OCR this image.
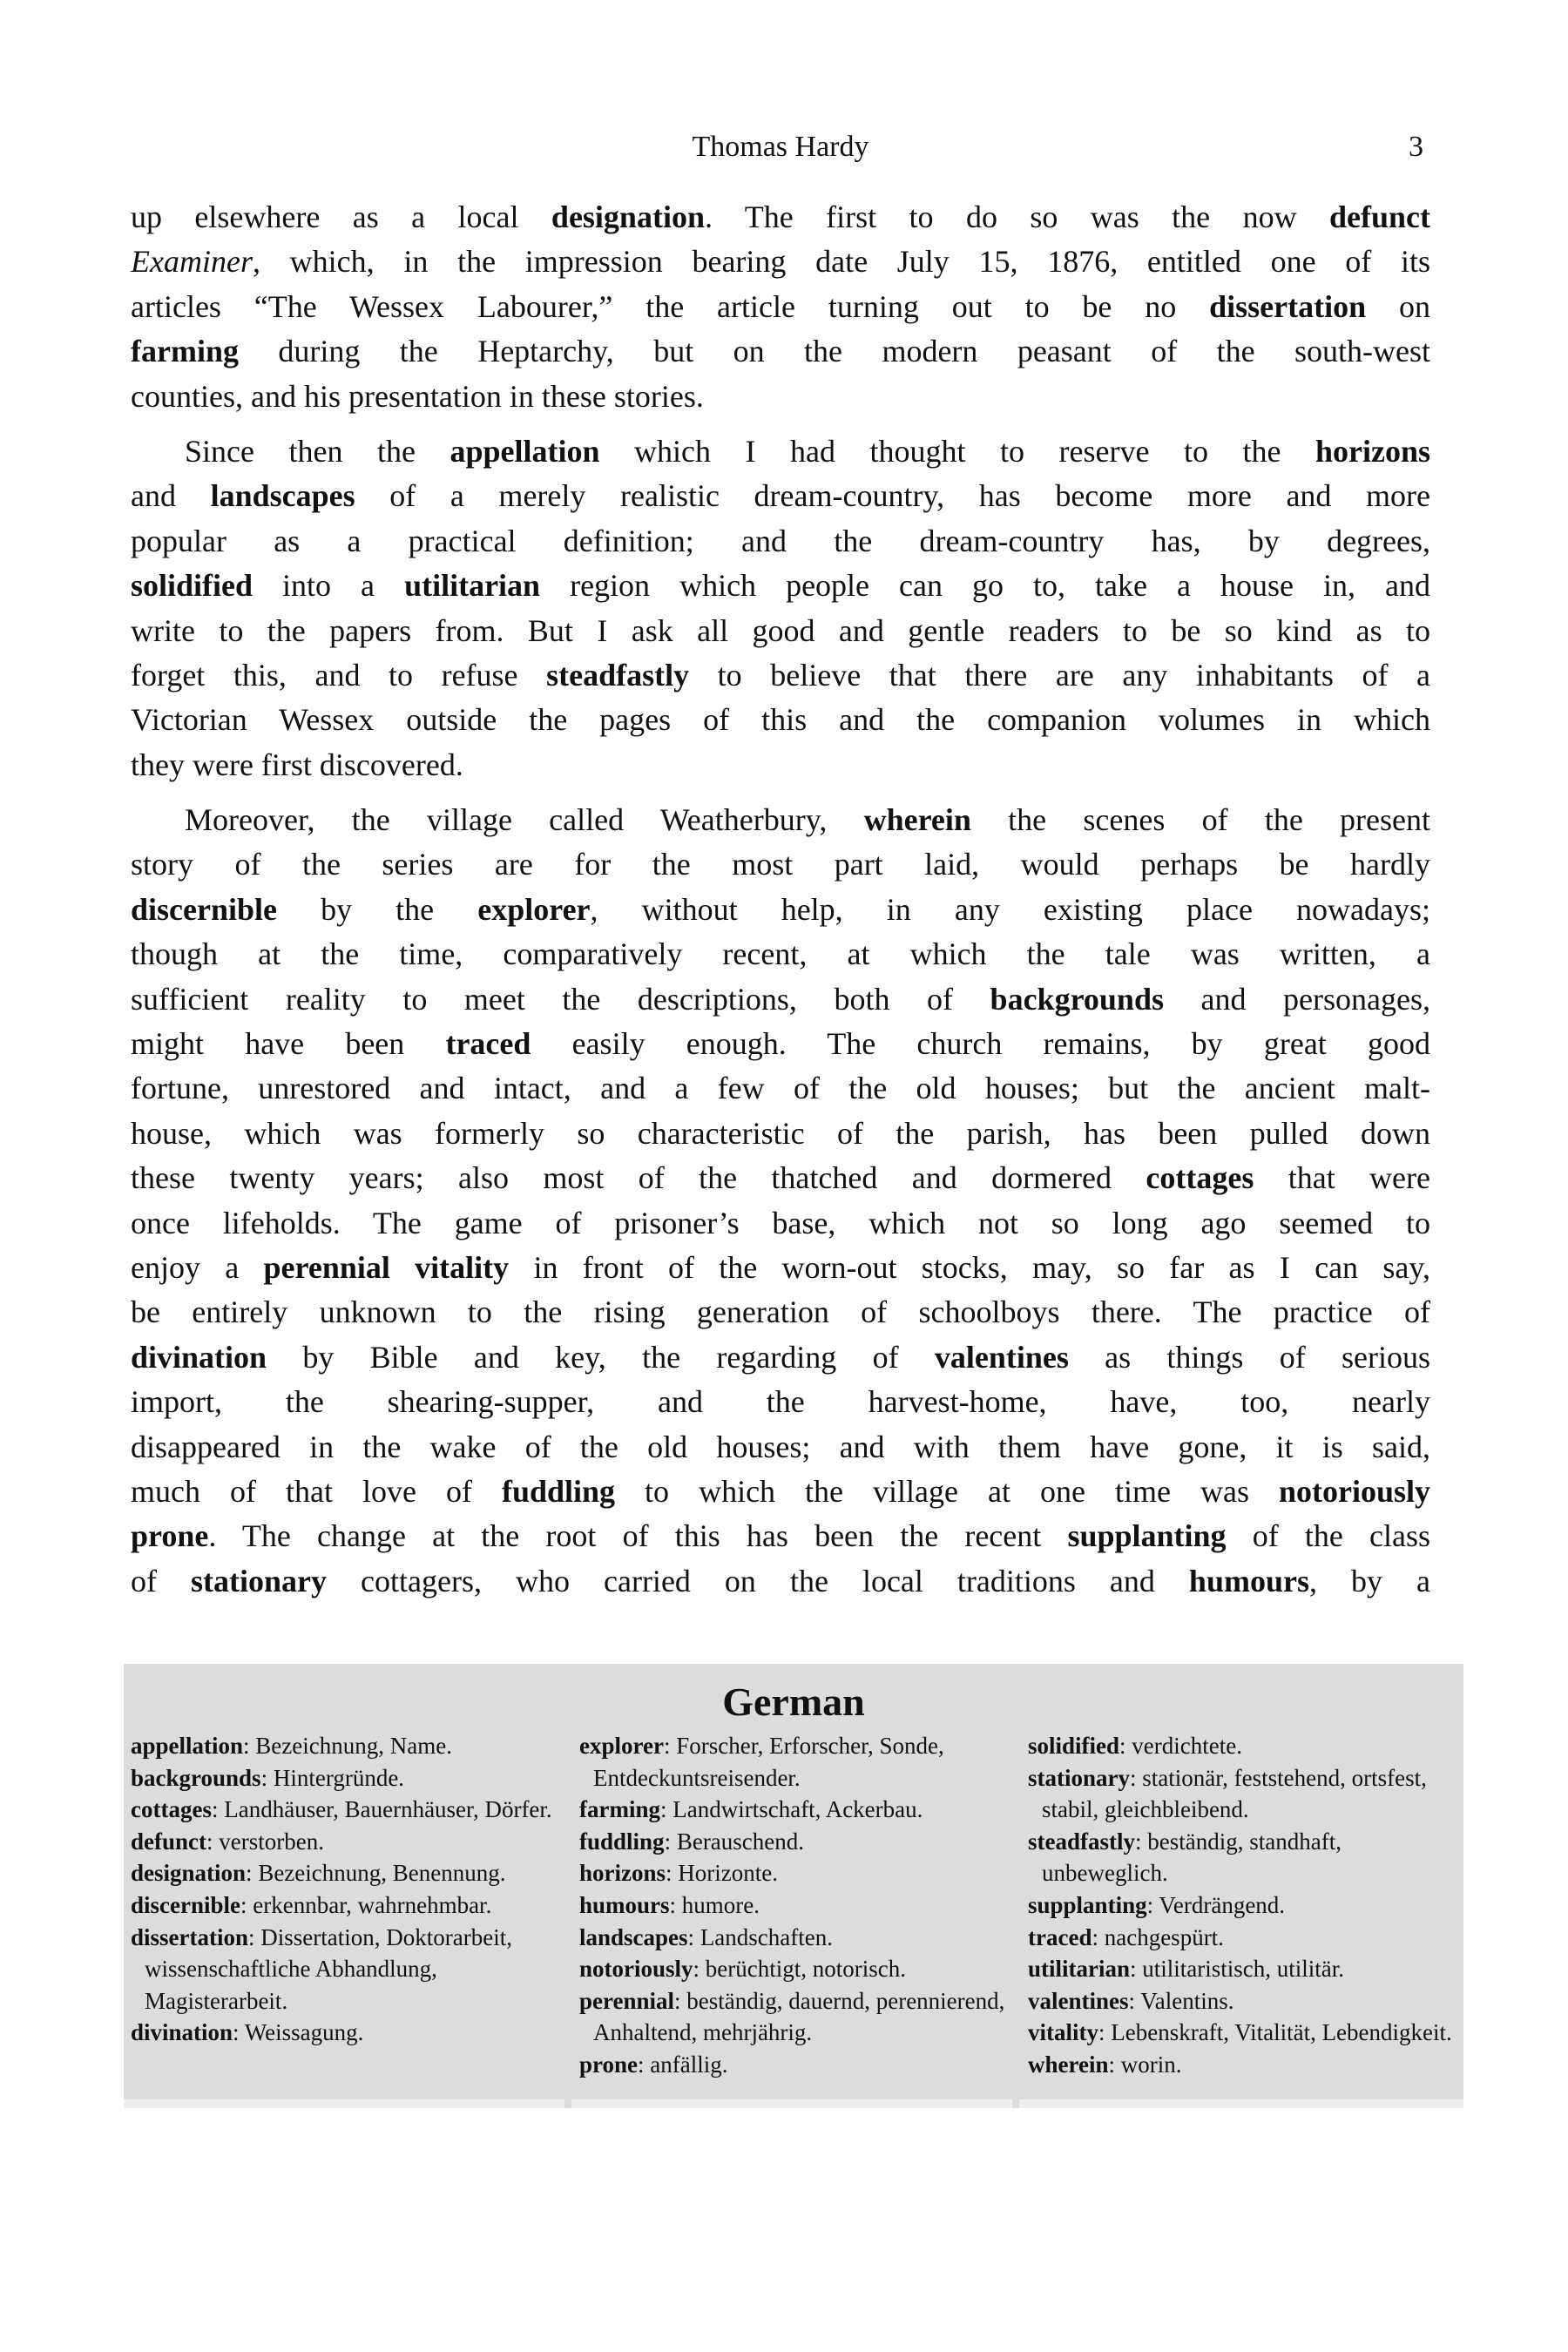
Thomas Hardy	3
up elsewhere as a local designation. The first to do so was the now defunct
Examiner, which, in the impression bearing date July 15, 1876, entitled one of its
articles “The Wessex Labourer,” the article turning out to be no dissertation on
farming during the Heptarchy, but on the modern peasant of the south-west
counties, and his presentation in these stories.
Since then the appellation which I had thought to reserve to the horizons
and landscapes of a merely realistic dream-country, has become more and more
popular as a practical definition; and the dream-country has, by degrees,
solidified into a utilitarian region which people can go to, take a house in, and
write to the papers from. But I ask all good and gentle readers to be so kind as to
forget this, and to refuse steadfastly to believe that there are any inhabitants of a
Victorian Wessex outside the pages of this and the companion volumes in which
they were first discovered.
Moreover, the village called Weatherbury, wherein the scenes of the present
story of the series are for the most part laid, would perhaps be hardly
discernible by the explorer, without help, in any existing place nowadays;
though at the time, comparatively recent, at which the tale was written, a
sufficient reality to meet the descriptions, both of backgrounds and personages,
might have been traced easily enough. The church remains, by great good
fortune, unrestored and intact, and a few of the old houses; but the ancient malt-
house, which was formerly so characteristic of the parish, has been pulled down
these twenty years; also most of the thatched and dormered cottages that were
once lifeholds. The game of prisoner’s base, which not so long ago seemed to
enjoy a perennial vitality in front of the worn-out stocks, may, so far as I can say,
be entirely unknown to the rising generation of schoolboys there. The practice of
divination by Bible and key, the regarding of valentines as things of serious
import, the shearing-supper, and the harvest-home, have, too, nearly
disappeared in the wake of the old houses; and with them have gone, it is said,
much of that love of fuddling to which the village at one time was notoriously
prone. The change at the root of this has been the recent supplanting of the class
of stationary cottagers, who carried on the local traditions and humours, by a
German
appellation : Bezeichnung, Name.
backgrounds : Hintergründe.
cottages : Landhäuser, Bauernhäuser, Dörfer.
defunct : verstorben.
designation : Bezeichnung, Benennung.
discernible : erkennbar, wahrnehmbar.
dissertation : Dissertation, Doktorarbeit, wissenschaftliche Abhandlung, Magisterarbeit.
divination : Weissagung.
explorer : Forscher, Erforscher, Sonde, Entdeckuntsreisender.
farming : Landwirtschaft, Ackerbau.
fuddling : Berauschend.
horizons : Horizonte.
humours : humore.
landscapes : Landschaften.
notoriously : berüchtigt, notorisch.
perennial : beständig, dauernd, perennierend, Anhaltend, mehrjährig.
prone : anfällig.
solidified : verdichtete.
stationary : stationär, feststehend, ortsfest, stabil, gleichbleibend.
steadfastly : beständig, standhaft, unbeweglich.
supplanting : Verdrängend.
traced : nachgespürt.
utilitarian : utilitaristisch, utilitär.
valentines : Valentins.
vitality : Lebenskraft, Vitalität, Lebendigkeit.
wherein : worin.
